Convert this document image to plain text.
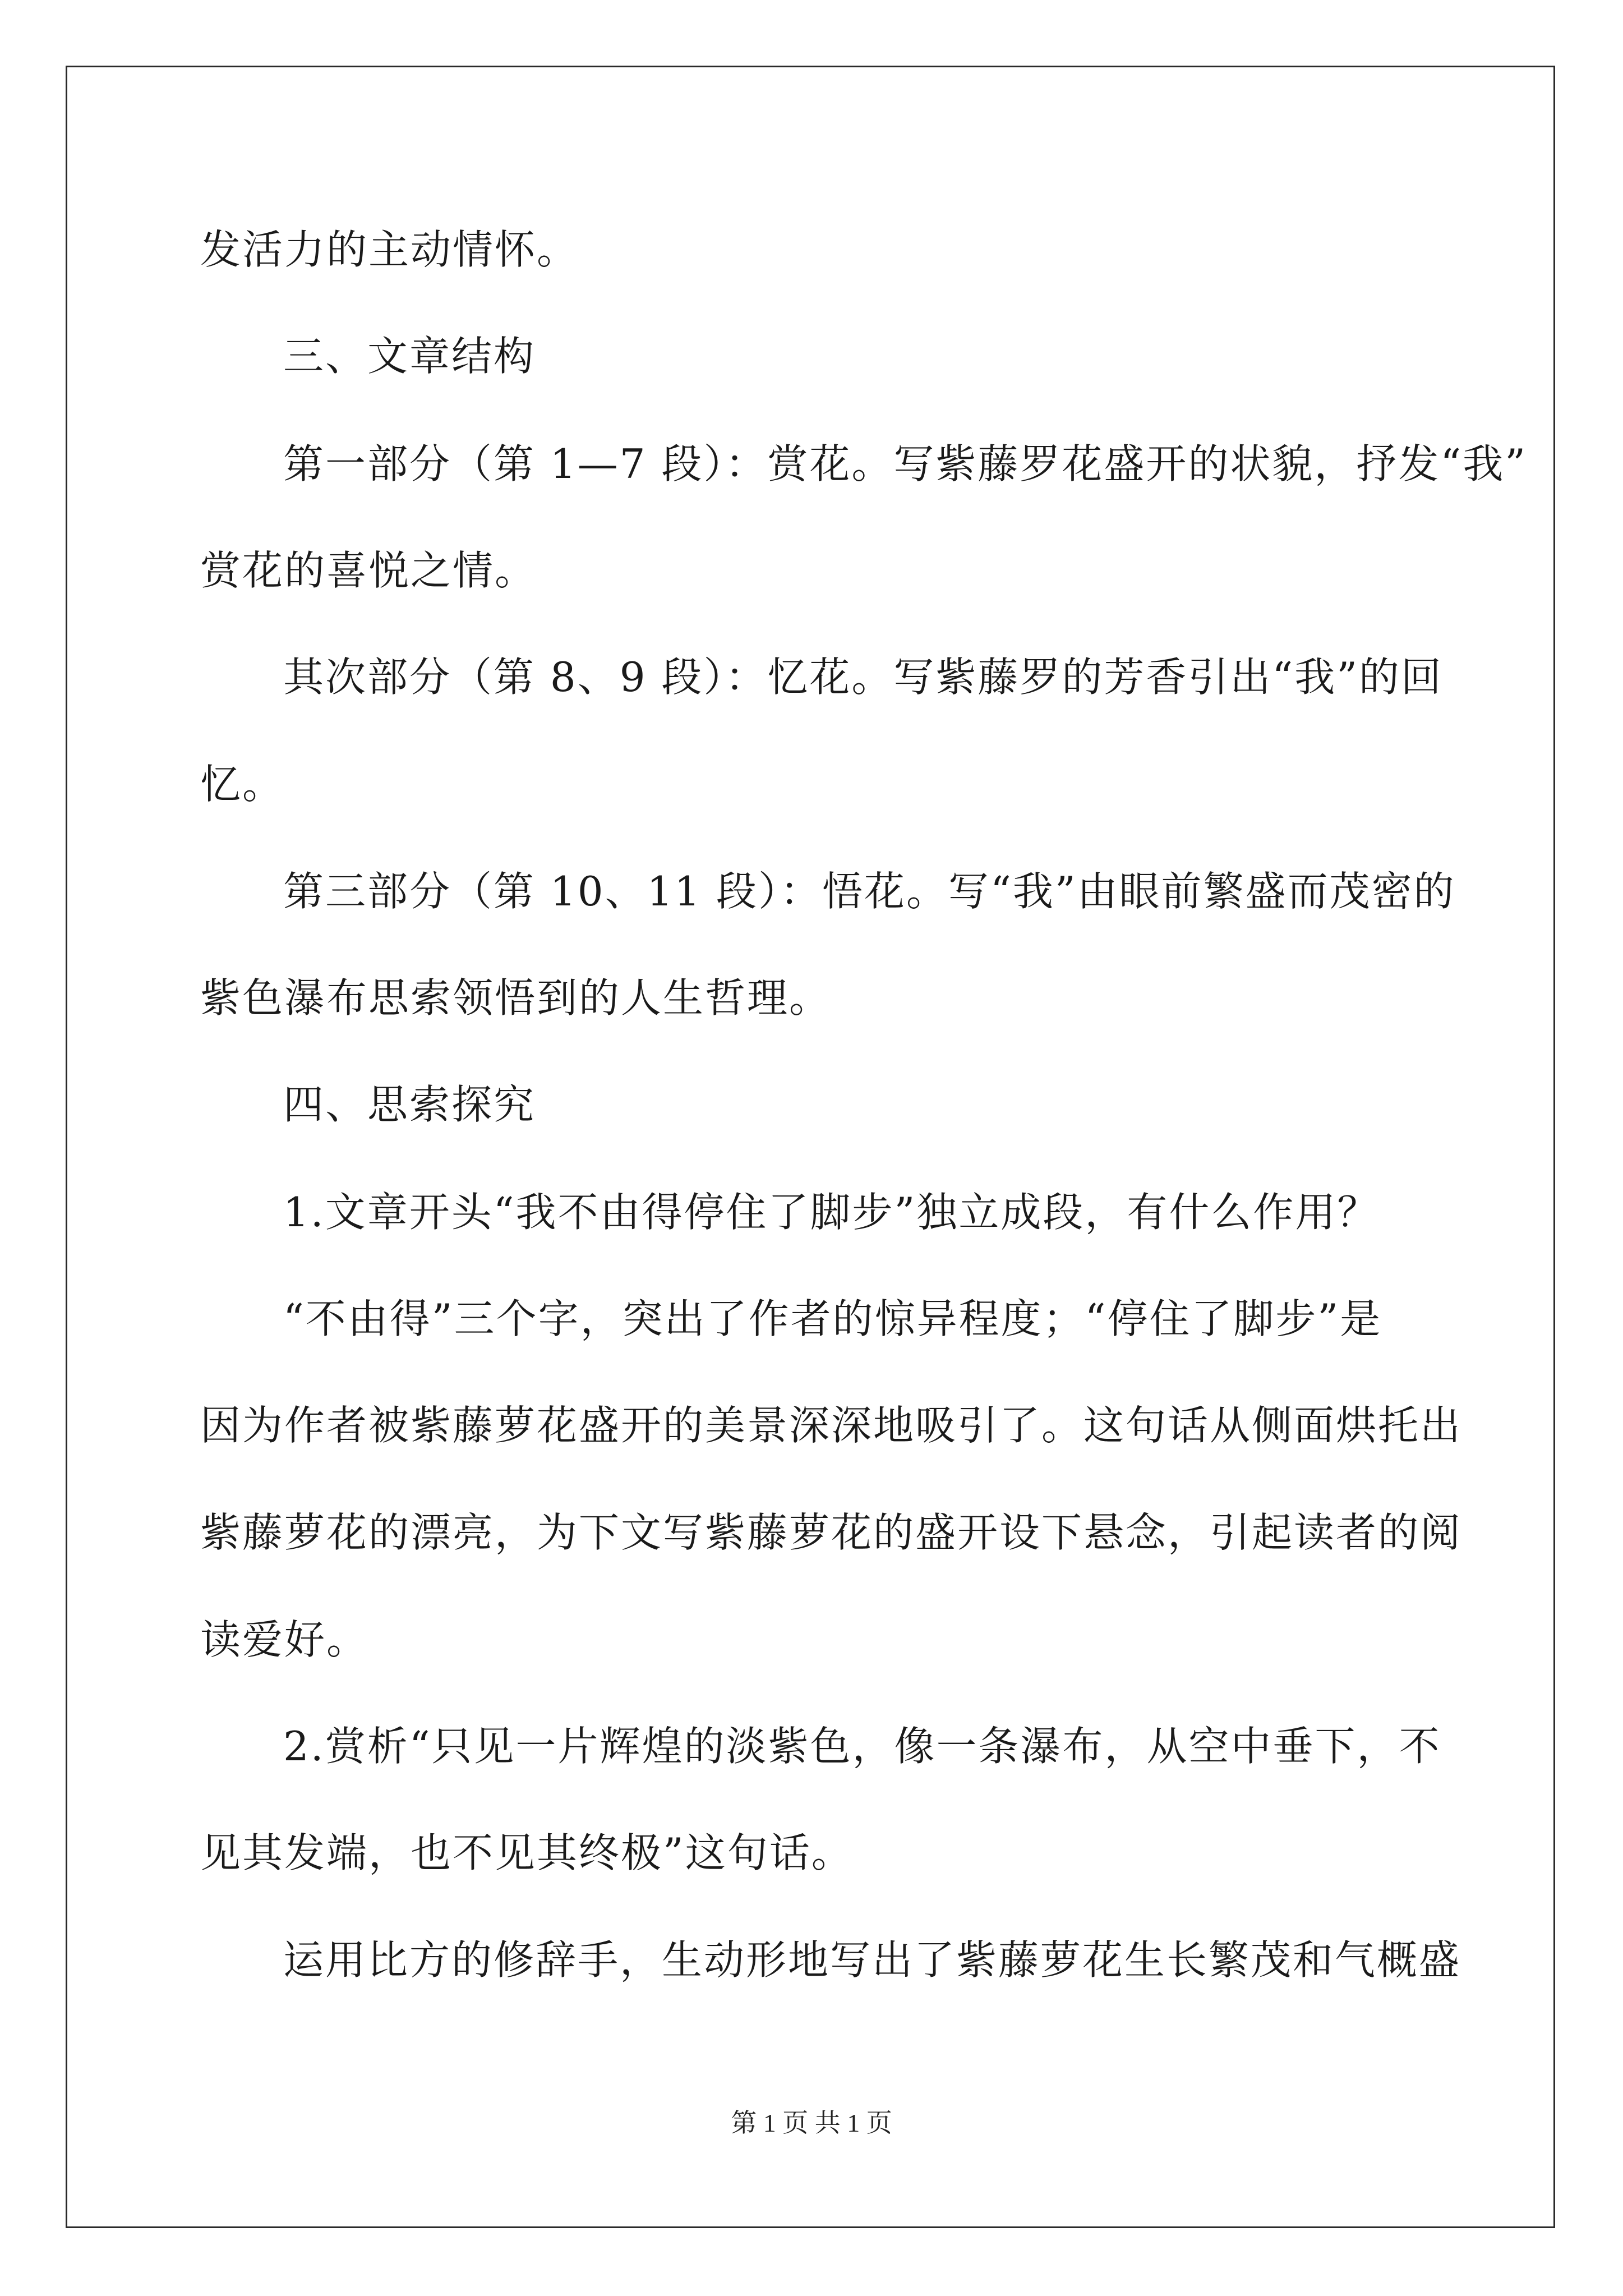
发活力的主动情怀。
三、文章结构
第一部分（第 1—7 段）：赏花。写紫藤罗花盛开的状貌，抒发“我”
赏花的喜悦之情。
其次部分（第 8、9 段）：忆花。写紫藤罗的芳香引出“我”的回
忆。
第三部分（第 10、11 段）：悟花。写“我”由眼前繁盛而茂密的
紫色瀑布思索领悟到的人生哲理。
四、思索探究
1.文章开头“我不由得停住了脚步”独立成段，有什么作用？
“不由得”三个字，突出了作者的惊异程度；“停住了脚步”是
因为作者被紫藤萝花盛开的美景深深地吸引了。这句话从侧面烘托出
紫藤萝花的漂亮，为下文写紫藤萝花的盛开设下悬念，引起读者的阅
读爱好。
2.赏析“只见一片辉煌的淡紫色，像一条瀑布，从空中垂下，不
见其发端，也不见其终极”这句话。
运用比方的修辞手，生动形地写出了紫藤萝花生长繁茂和气概盛
第 1 页 共 1 页
